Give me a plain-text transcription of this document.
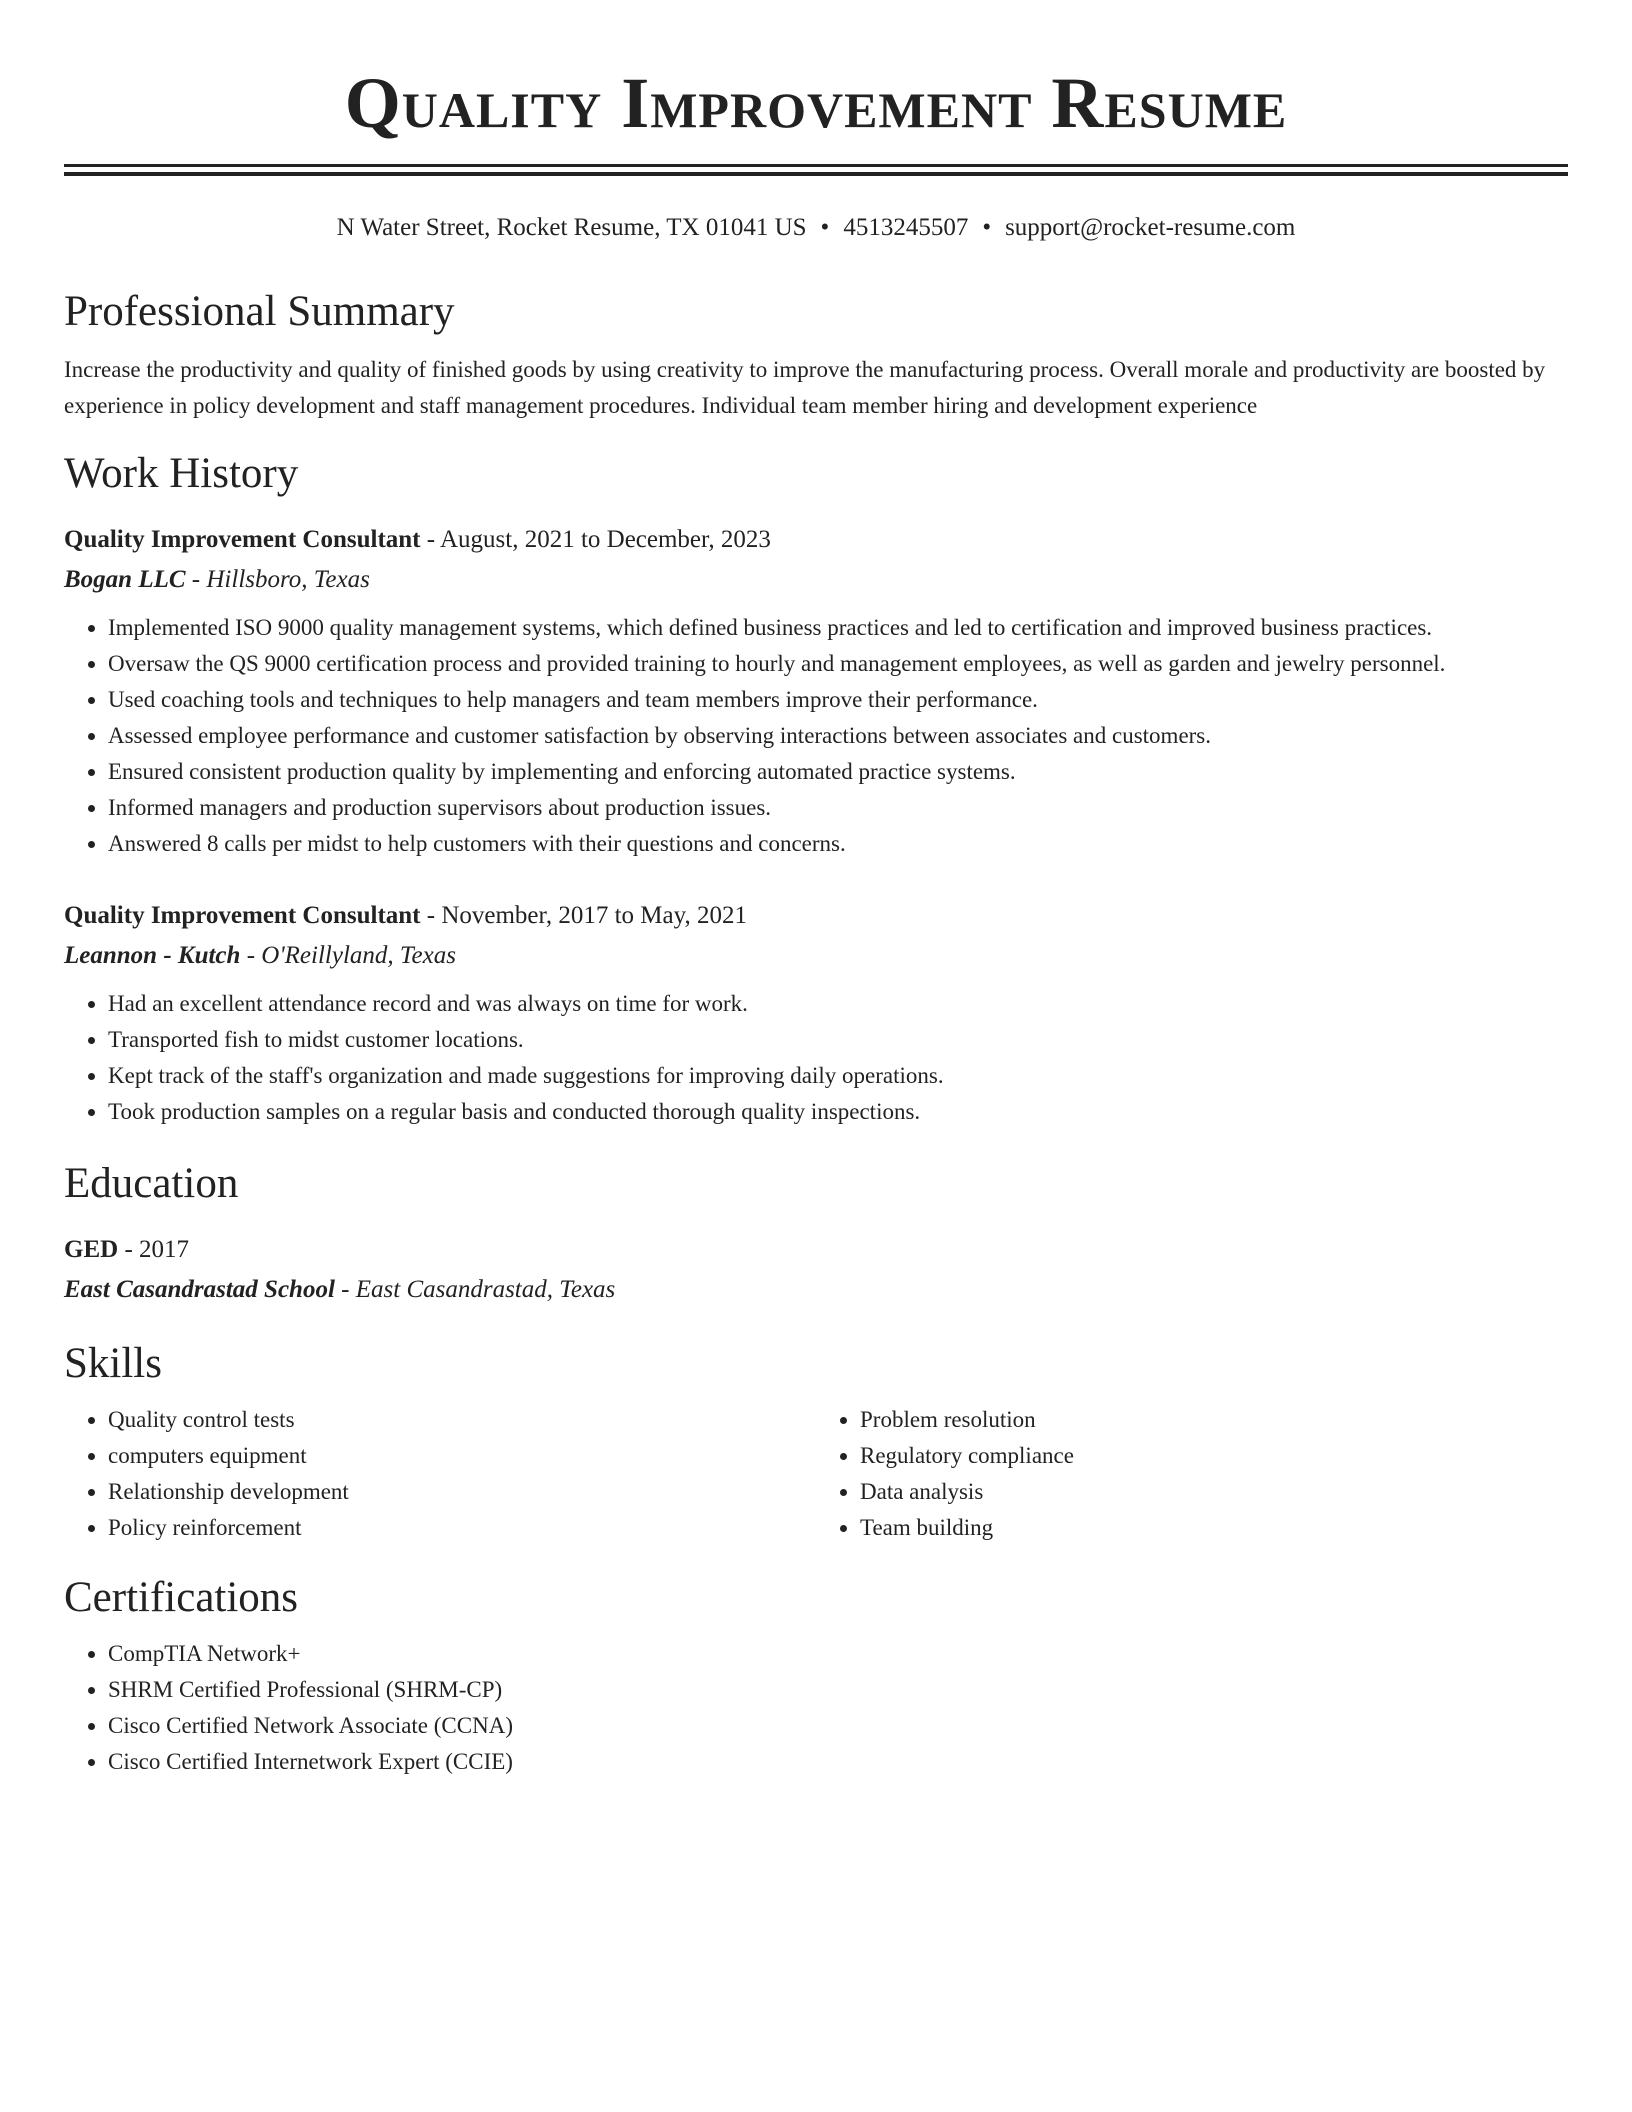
Quality Improvement Resume
N Water Street, Rocket Resume, TX 01041 US • 4513245507 • support@rocket-resume.com
Professional Summary

Increase the productivity and quality of finished goods by using creativity to improve the manufacturing process. Overall morale and productivity are boosted by experience in policy development and staff management procedures. Individual team member hiring and development experience

Work History
Quality Improvement Consultant - August, 2021 to December, 2023
Bogan LLC - Hillsboro, Texas
• Implemented ISO 9000 quality management systems, which defined business practices and led to certification and improved business practices.
• Oversaw the QS 9000 certification process and provided training to hourly and management employees, as well as garden and jewelry personnel.
• Used coaching tools and techniques to help managers and team members improve their performance.
• Assessed employee performance and customer satisfaction by observing interactions between associates and customers.
• Ensured consistent production quality by implementing and enforcing automated practice systems.
• Informed managers and production supervisors about production issues.
• Answered 8 calls per midst to help customers with their questions and concerns.
Quality Improvement Consultant - November, 2017 to May, 2021
Leannon - Kutch - O'Reillyland, Texas
• Had an excellent attendance record and was always on time for work.
• Transported fish to midst customer locations.
• Kept track of the staff's organization and made suggestions for improving daily operations.
• Took production samples on a regular basis and conducted thorough quality inspections.
Education
GED - 2017
East Casandrastad School - East Casandrastad, Texas
Skills
• Quality control tests
• computers equipment
• Relationship development
• Policy reinforcement
• Problem resolution
• Regulatory compliance
• Data analysis
• Team building
Certifications
• CompTIA Network+
• SHRM Certified Professional (SHRM-CP)
• Cisco Certified Network Associate (CCNA)
• Cisco Certified Internetwork Expert (CCIE)
